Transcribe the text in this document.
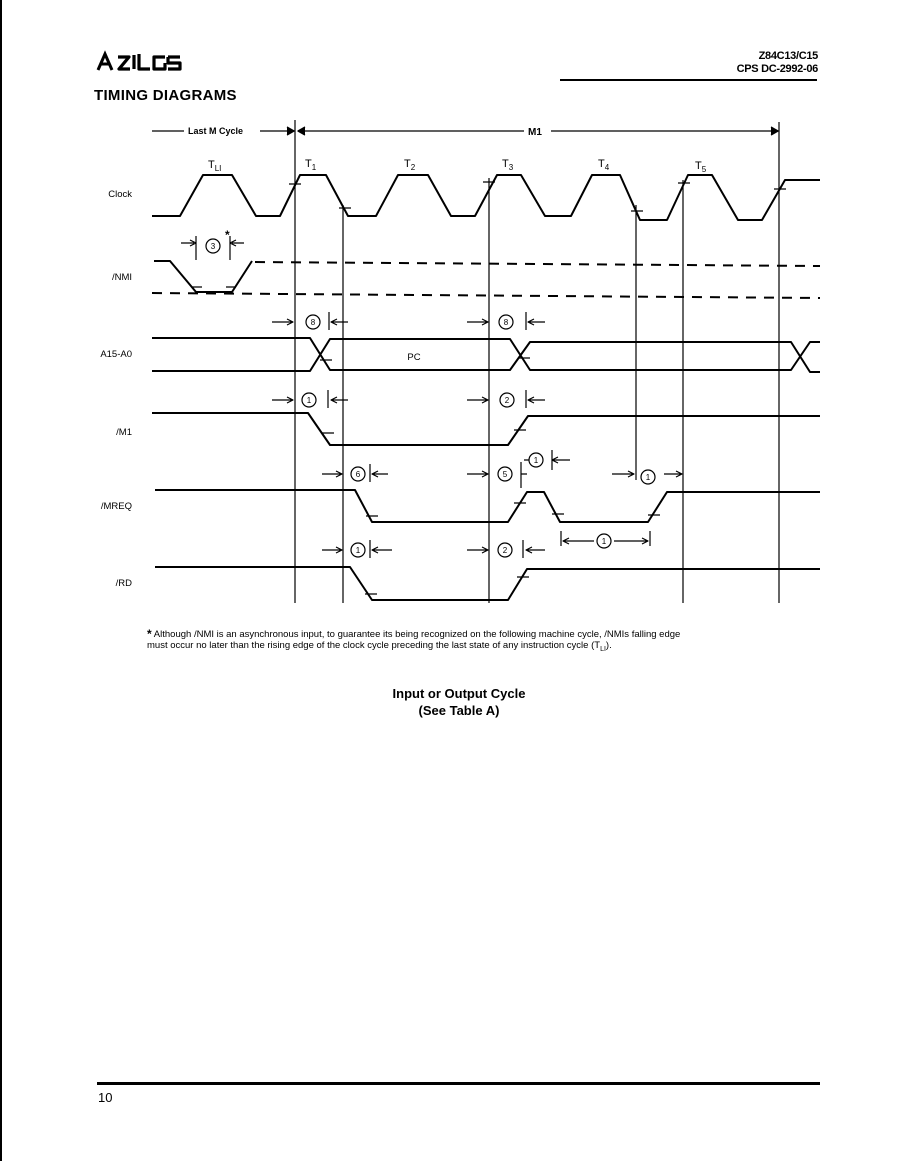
Z84C13/C15
CPS DC-2992-06
TIMING DIAGRAMS
3
8	8
1	2
6	5
1
1
1
1	2
Last M Cycle	M1
$T_{LI}$	$T_1$	$T_2$	$T_3$	$T_4$	$T_5$
*
Clock
/NMI
A15-A0
/M1
/MREQ
/RD
PC
* Although /NMI is an asynchronous input, to guarantee its being recognized on the following machine cycle, /NMIs falling edge
must occur no later than the rising edge of the clock cycle preceding the last state of any instruction cycle $(T_{LI})$.
Input or Output Cycle
(See Table A)
10
